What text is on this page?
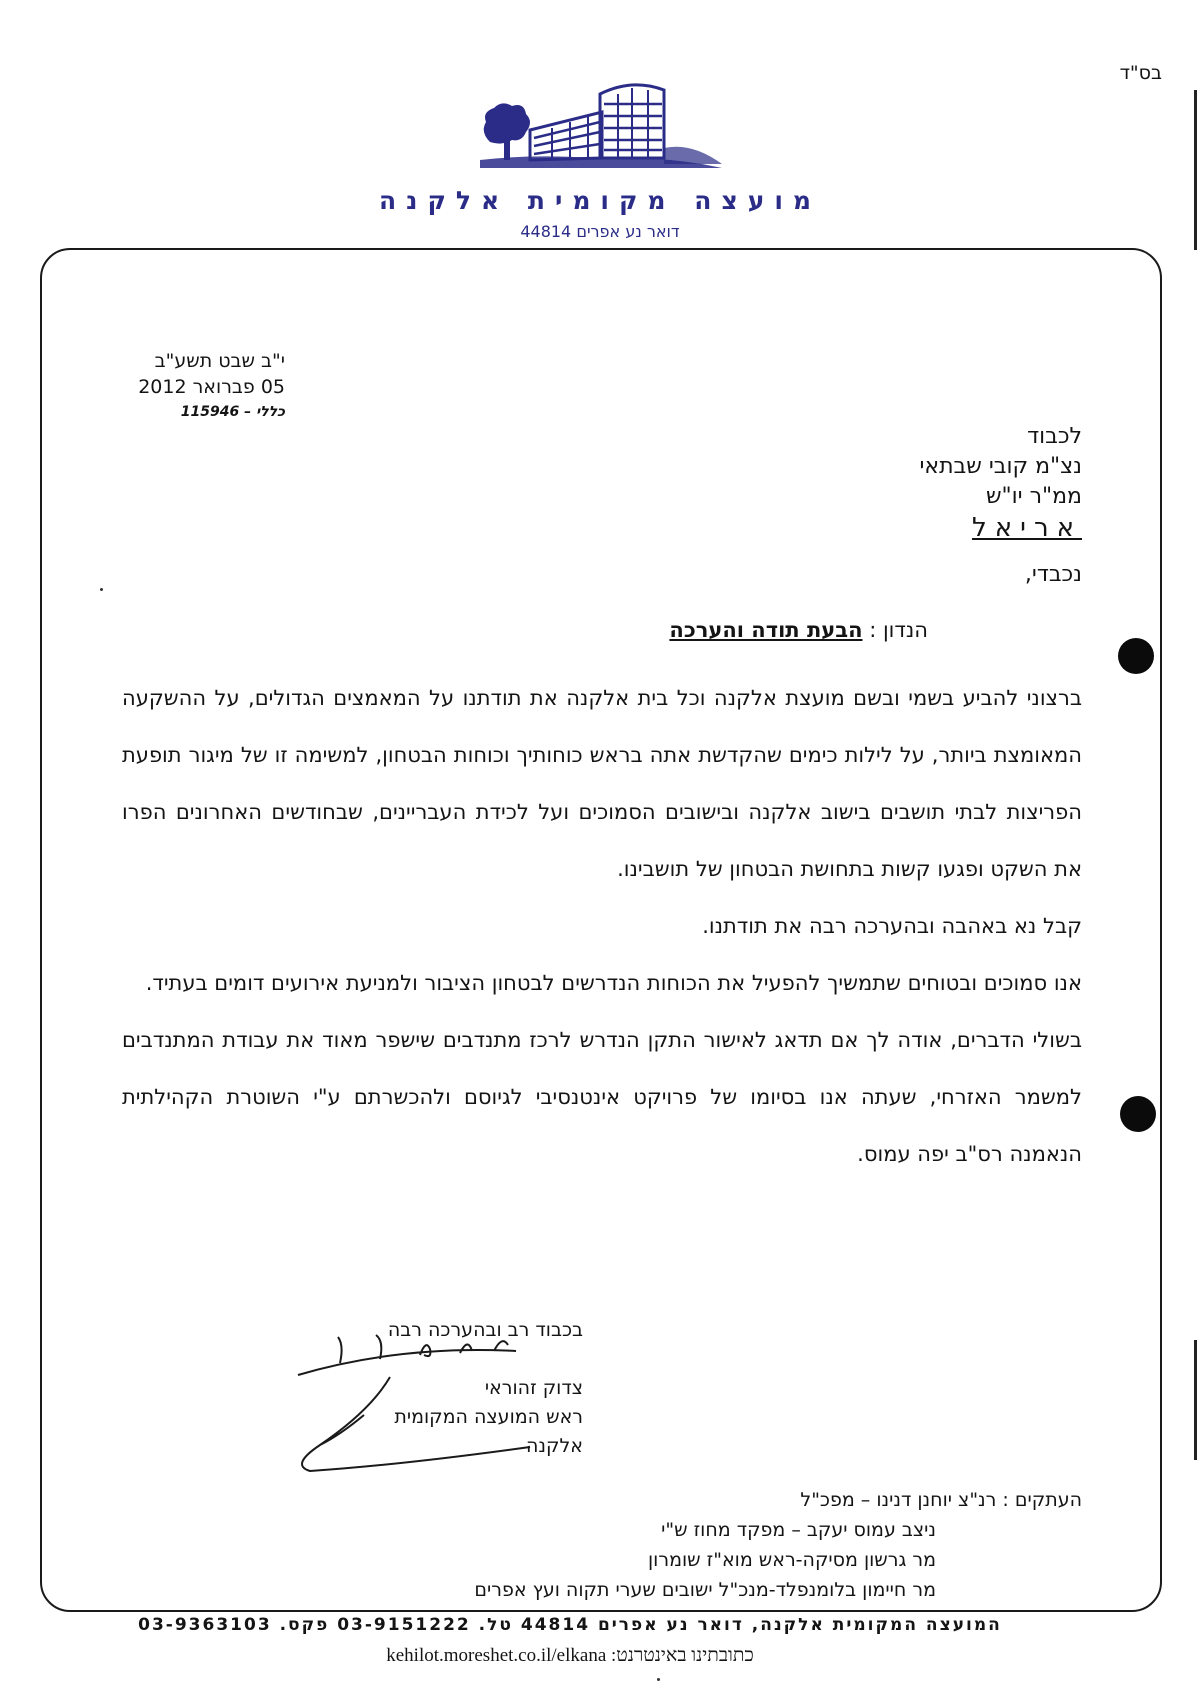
בס"ד
מועצה מקומית אלקנה
דואר נע אפרים 44814
י"ב שבט תשע"ב
05 פברואר 2012
כללי – 115946
לכבוד
נצ"מ קובי שבתאי
ממ"ר יו"ש
אריאל
נכבדי,
הנדון : הבעת תודה והערכה

ברצוני להביע בשמי ובשם מועצת אלקנה וכל בית אלקנה את תודתנו על המאמצים הגדולים, על ההשקעה המאומצת ביותר, על לילות כימים שהקדשת אתה בראש כוחותיך וכוחות הבטחון, למשימה זו של מיגור תופעת הפריצות לבתי תושבים בישוב אלקנה ובישובים הסמוכים ועל לכידת העבריינים, שבחודשים האחרונים הפרו את השקט ופגעו קשות בתחושת הבטחון של תושבינו.

קבל נא באהבה ובהערכה רבה את תודתנו.

אנו סמוכים ובטוחים שתמשיך להפעיל את הכוחות הנדרשים לבטחון הציבור ולמניעת אירועים דומים בעתיד.

בשולי הדברים, אודה לך אם תדאג לאישור התקן הנדרש לרכז מתנדבים שישפר מאוד את עבודת המתנדבים למשמר האזרחי, שעתה אנו בסיומו של פרויקט אינטנסיבי לגיוסם ולהכשרתם ע"י השוטרת הקהילתית הנאמנה רס"ב יפה עמוס.

בכבוד רב ובהערכה רבה
צדוק זהוראי
ראש המועצה המקומית
אלקנה
העתקים : רנ"צ יוחנן דנינו – מפכ"ל
ניצב עמוס יעקב – מפקד מחוז ש"י
מר גרשון מסיקה-ראש מוא"ז שומרון
מר חיימון בלומנפלד-מנכ"ל ישובים שערי תקוה ועץ אפרים
המועצה המקומית אלקנה, דואר נע אפרים 44814 טל. 03-9151222 פקס. 03-9363103
כתובתינו באינטרנט: kehilot.moreshet.co.il/elkana
